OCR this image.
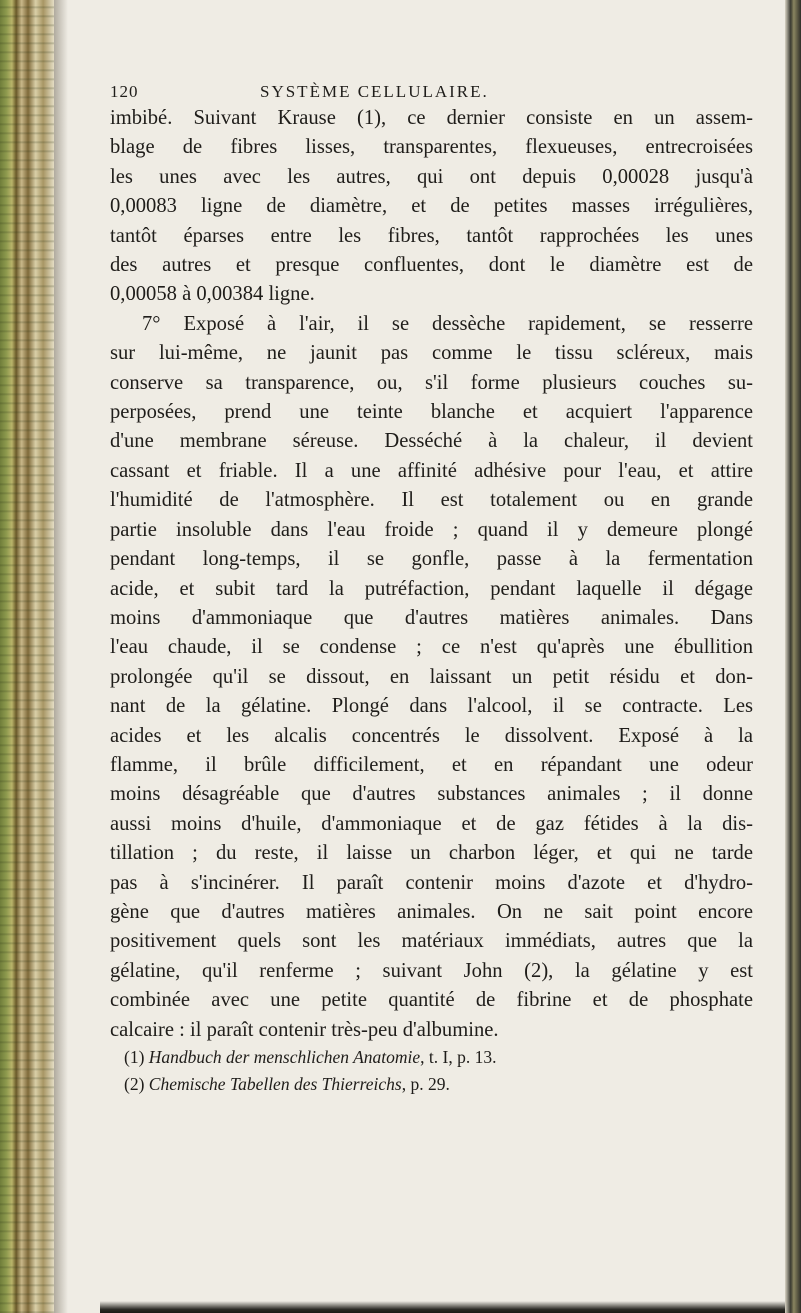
120	SYSTÈME CELLULAIRE.
imbibé. Suivant Krause (1), ce dernier consiste en un assem-
blage de fibres lisses, transparentes, flexueuses, entrecroisées
les unes avec les autres, qui ont depuis 0,00028 jusqu'à
0,00083 ligne de diamètre, et de petites masses irrégulières,
tantôt éparses entre les fibres, tantôt rapprochées les unes
des autres et presque confluentes, dont le diamètre est de
0,00058 à 0,00384 ligne.
7° Exposé à l'air, il se dessèche rapidement, se resserre
sur lui-même, ne jaunit pas comme le tissu scléreux, mais
conserve sa transparence, ou, s'il forme plusieurs couches su-
perposées, prend une teinte blanche et acquiert l'apparence
d'une membrane séreuse. Desséché à la chaleur, il devient
cassant et friable. Il a une affinité adhésive pour l'eau, et attire
l'humidité de l'atmosphère. Il est totalement ou en grande
partie insoluble dans l'eau froide ; quand il y demeure plongé
pendant long-temps, il se gonfle, passe à la fermentation
acide, et subit tard la putréfaction, pendant laquelle il dégage
moins d'ammoniaque que d'autres matières animales. Dans
l'eau chaude, il se condense ; ce n'est qu'après une ébullition
prolongée qu'il se dissout, en laissant un petit résidu et don-
nant de la gélatine. Plongé dans l'alcool, il se contracte. Les
acides et les alcalis concentrés le dissolvent. Exposé à la
flamme, il brûle difficilement, et en répandant une odeur
moins désagréable que d'autres substances animales ; il donne
aussi moins d'huile, d'ammoniaque et de gaz fétides à la dis-
tillation ; du reste, il laisse un charbon léger, et qui ne tarde
pas à s'incinérer. Il paraît contenir moins d'azote et d'hydro-
gène que d'autres matières animales. On ne sait point encore
positivement quels sont les matériaux immédiats, autres que la
gélatine, qu'il renferme ; suivant John (2), la gélatine y est
combinée avec une petite quantité de fibrine et de phosphate
calcaire : il paraît contenir très-peu d'albumine.
(1) Handbuch der menschlichen Anatomie, t. I, p. 13.
(2) Chemische Tabellen des Thierreichs, p. 29.
